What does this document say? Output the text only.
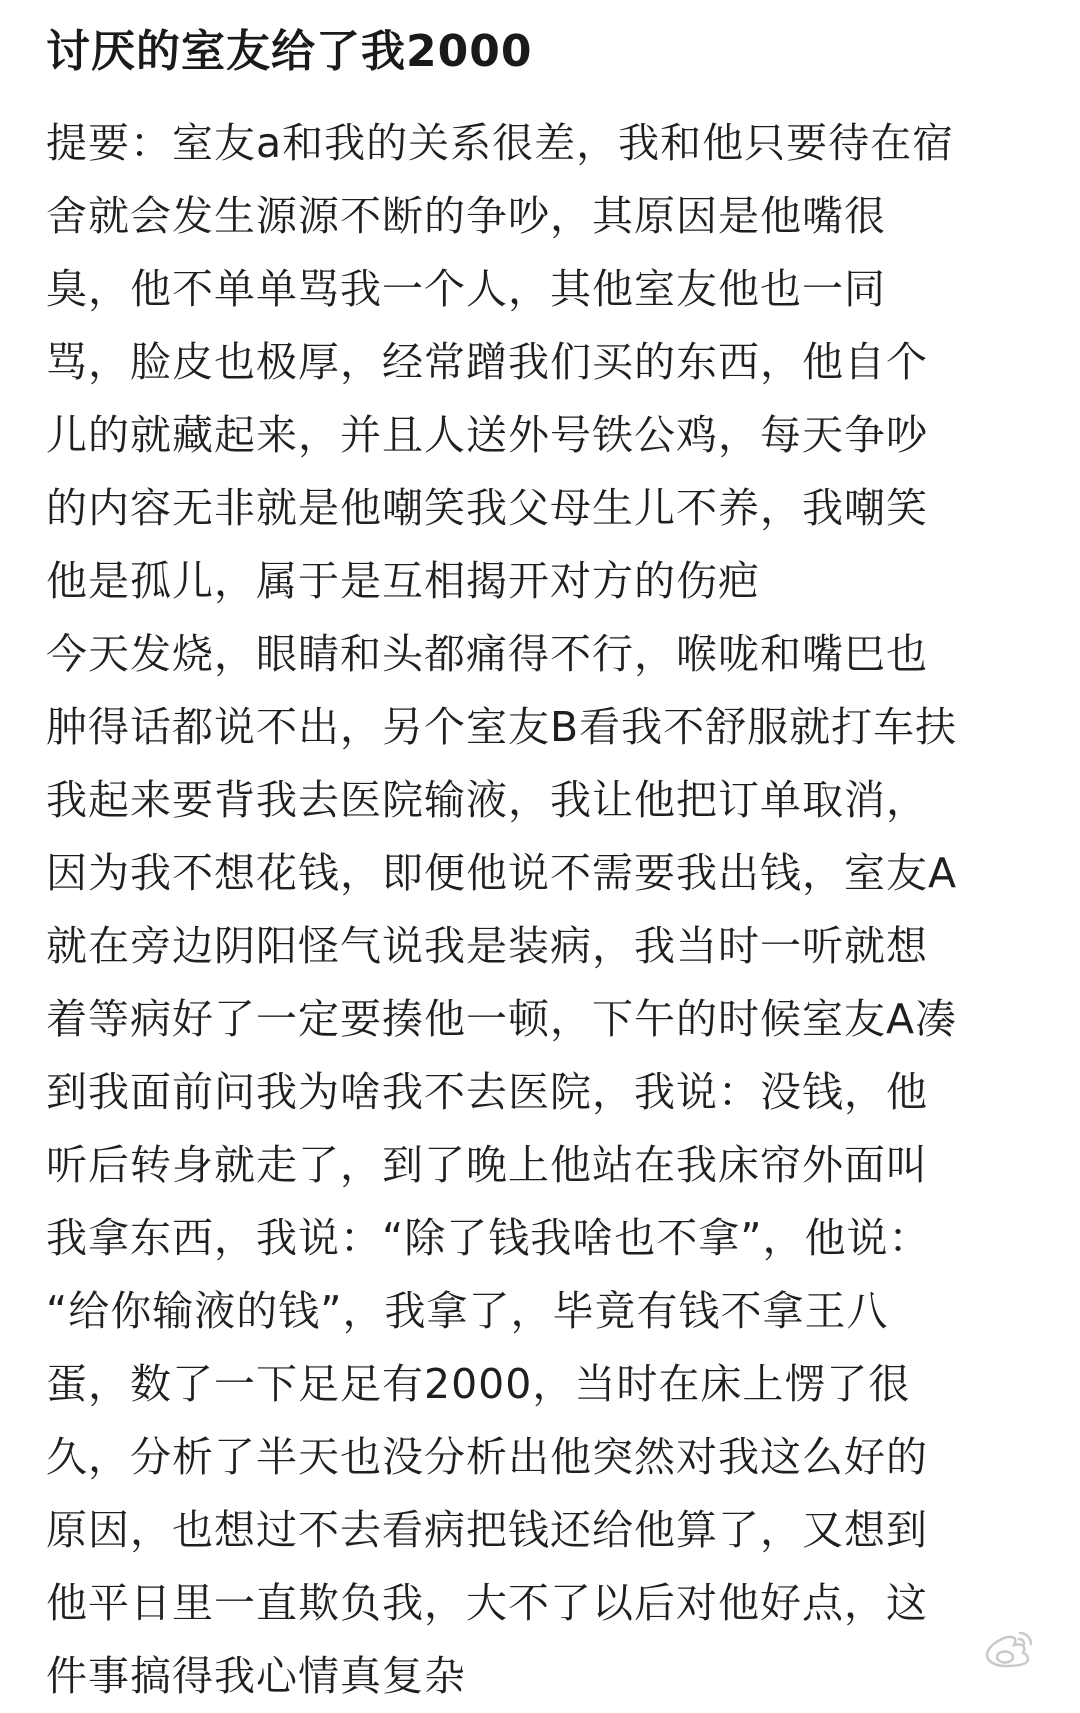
讨厌的室友给了我2000
提要：室友a和我的关系很差，我和他只要待在宿
舍就会发生源源不断的争吵，其原因是他嘴很
臭，他不单单骂我一个人，其他室友他也一同
骂，脸皮也极厚，经常蹭我们买的东西，他自个
儿的就藏起来，并且人送外号铁公鸡，每天争吵
的内容无非就是他嘲笑我父母生儿不养，我嘲笑
他是孤儿，属于是互相揭开对方的伤疤
今天发烧，眼睛和头都痛得不行，喉咙和嘴巴也
肿得话都说不出，另个室友B看我不舒服就打车扶
我起来要背我去医院输液，我让他把订单取消，
因为我不想花钱，即便他说不需要我出钱，室友A
就在旁边阴阳怪气说我是装病，我当时一听就想
着等病好了一定要揍他一顿，下午的时候室友A凑
到我面前问我为啥我不去医院，我说：没钱，他
听后转身就走了，到了晚上他站在我床帘外面叫
我拿东西，我说：“除了钱我啥也不拿”，他说：
“给你输液的钱”，我拿了，毕竟有钱不拿王八
蛋，数了一下足足有2000，当时在床上愣了很
久，分析了半天也没分析出他突然对我这么好的
原因，也想过不去看病把钱还给他算了，又想到
他平日里一直欺负我，大不了以后对他好点，这
件事搞得我心情真复杂
